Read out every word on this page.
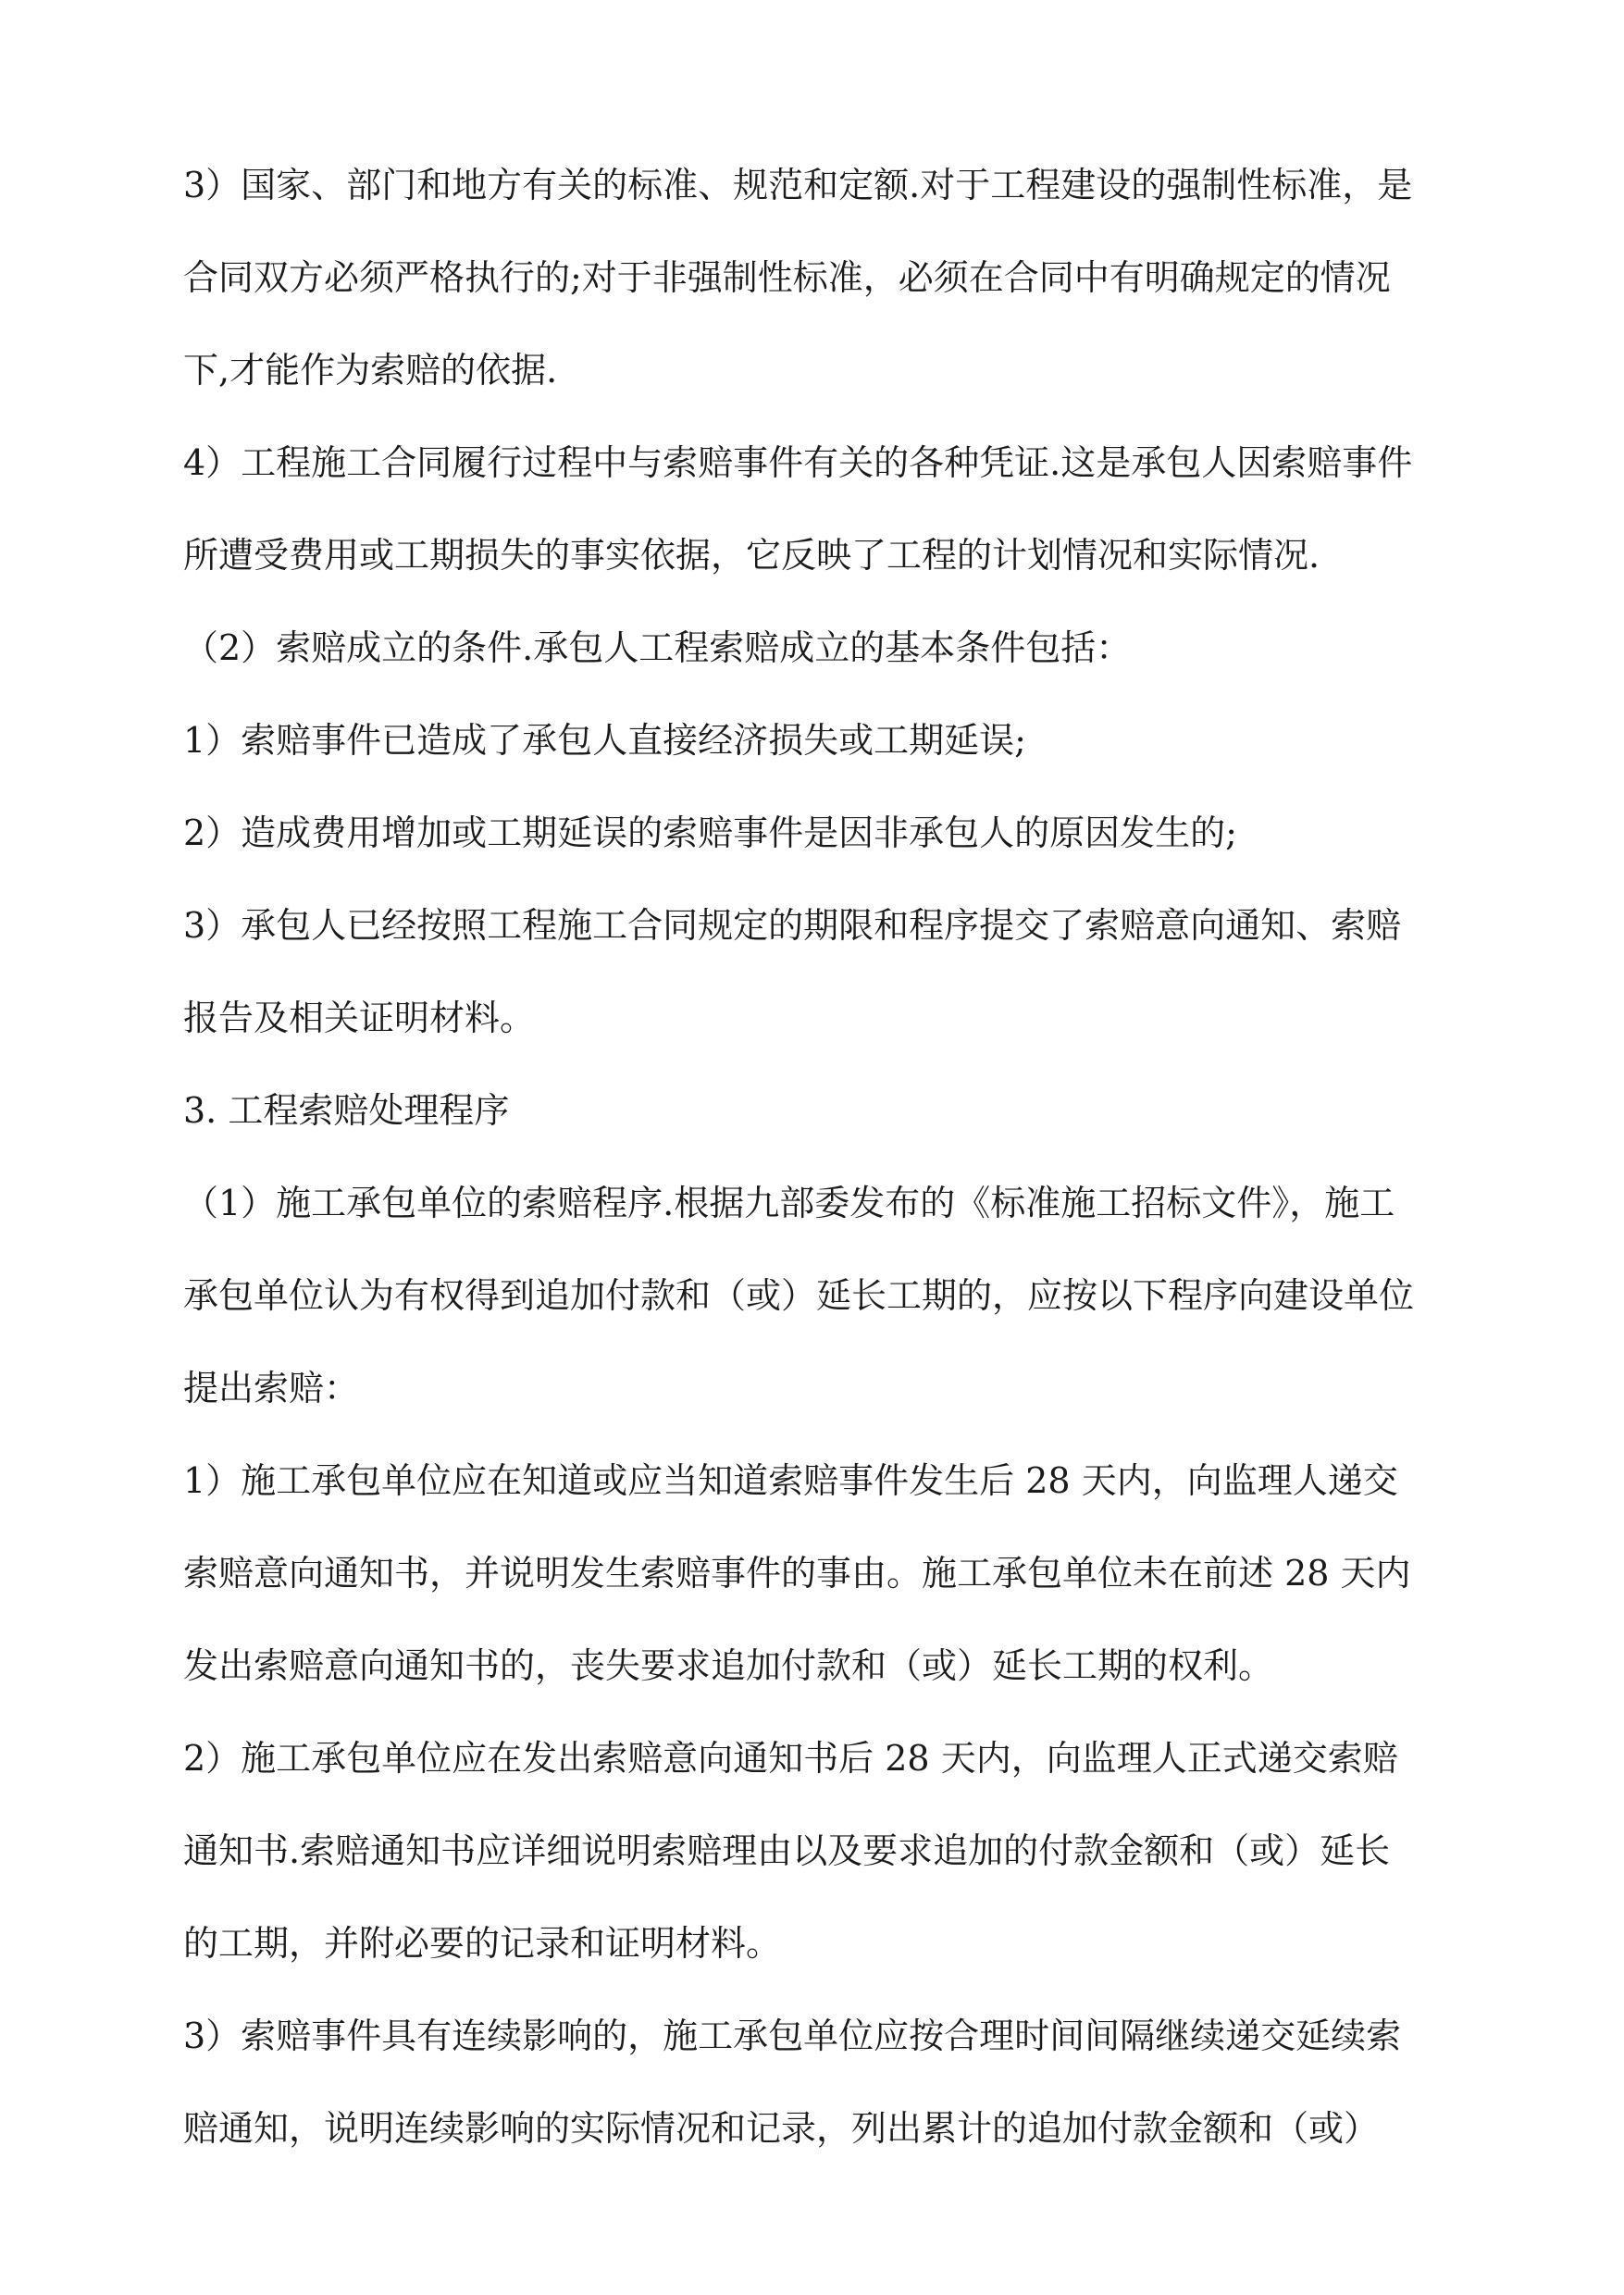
3）国家、部门和地方有关的标准、规范和定额.对于工程建设的强制性标准，是
合同双方必须严格执行的;对于非强制性标准，必须在合同中有明确规定的情况
下,才能作为索赔的依据.
4）工程施工合同履行过程中与索赔事件有关的各种凭证.这是承包人因索赔事件
所遭受费用或工期损失的事实依据，它反映了工程的计划情况和实际情况.
（2）索赔成立的条件.承包人工程索赔成立的基本条件包括：
1）索赔事件已造成了承包人直接经济损失或工期延误;
2）造成费用增加或工期延误的索赔事件是因非承包人的原因发生的;
3）承包人已经按照工程施工合同规定的期限和程序提交了索赔意向通知、索赔
报告及相关证明材料。
3. 工程索赔处理程序
（1）施工承包单位的索赔程序.根据九部委发布的《标准施工招标文件》，施工
承包单位认为有权得到追加付款和（或）延长工期的，应按以下程序向建设单位
提出索赔：
1）施工承包单位应在知道或应当知道索赔事件发生后 28 天内，向监理人递交
索赔意向通知书，并说明发生索赔事件的事由。施工承包单位未在前述 28 天内
发出索赔意向通知书的，丧失要求追加付款和（或）延长工期的权利。
2）施工承包单位应在发出索赔意向通知书后 28 天内，向监理人正式递交索赔
通知书.索赔通知书应详细说明索赔理由以及要求追加的付款金额和（或）延长
的工期，并附必要的记录和证明材料。
3）索赔事件具有连续影响的，施工承包单位应按合理时间间隔继续递交延续索
赔通知，说明连续影响的实际情况和记录，列出累计的追加付款金额和（或）
